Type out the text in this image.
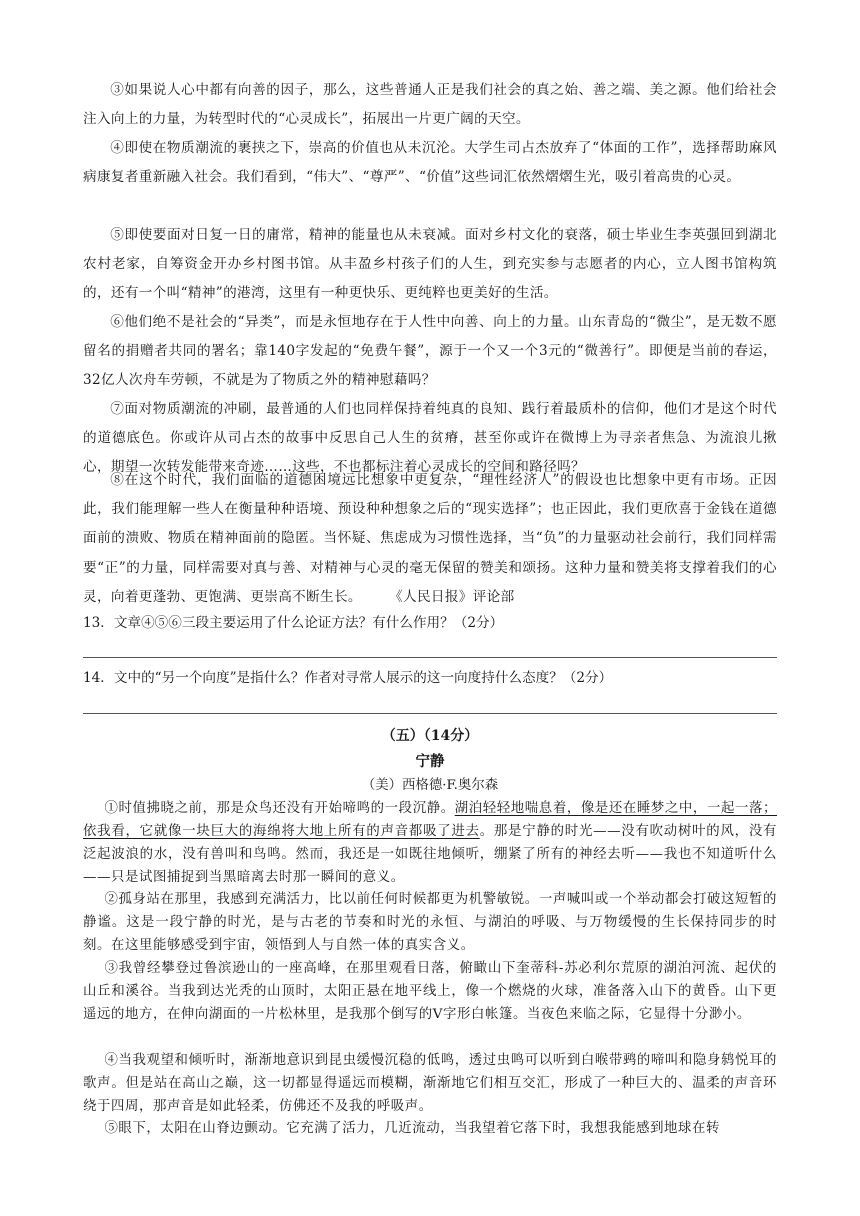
③如果说人心中都有向善的因子，那么，这些普通人正是我们社会的真之始、善之端、美之源。他们给社会注入向上的力量，为转型时代的“心灵成长”，拓展出一片更广阔的天空。

④即使在物质潮流的裹挟之下，崇高的价值也从未沉沦。大学生司占杰放弃了“体面的工作”，选择帮助麻风病康复者重新融入社会。我们看到，“伟大”、“尊严”、“价值”这些词汇依然熠熠生光，吸引着高贵的心灵。

⑤即使要面对日复一日的庸常，精神的能量也从未衰减。面对乡村文化的衰落，硕士毕业生李英强回到湖北农村老家，自筹资金开办乡村图书馆。从丰盈乡村孩子们的人生，到充实参与志愿者的内心，立人图书馆构筑的，还有一个叫“精神”的港湾，这里有一种更快乐、更纯粹也更美好的生活。

⑥他们绝不是社会的“异类”，而是永恒地存在于人性中向善、向上的力量。山东青岛的“微尘”，是无数不愿留名的捐赠者共同的署名；靠140字发起的“免费午餐”，源于一个又一个3元的“微善行”。即便是当前的春运，32亿人次舟车劳顿，不就是为了物质之外的精神慰藉吗？

⑦面对物质潮流的冲刷，最普通的人们也同样保持着纯真的良知、践行着最质朴的信仰，他们才是这个时代的道德底色。你或许从司占杰的故事中反思自己人生的贫瘠，甚至你或许在微博上为寻亲者焦急、为流浪儿揪心，期望一次转发能带来奇迹……这些，不也都标注着心灵成长的空间和路径吗？

⑧在这个时代，我们面临的道德困境远比想象中更复杂，“理性经济人”的假设也比想象中更有市场。正因此，我们能理解一些人在衡量种种语境、预设种种想象之后的“现实选择”；也正因此，我们更欣喜于金钱在道德面前的溃败、物质在精神面前的隐匿。当怀疑、焦虑成为习惯性选择，当“负”的力量驱动社会前行，我们同样需要“正”的力量，同样需要对真与善、对精神与心灵的毫无保留的赞美和颂扬。这种力量和赞美将支撑着我们的心灵，向着更蓬勃、更饱满、更崇高不断生长。	《人民日报》评论部

13．文章④⑤⑥三段主要运用了什么论证方法？有什么作用？（2分）

14．文中的“另一个向度”是指什么？作者对寻常人展示的这一向度持什么态度？（2分）

（五）（14分）

宁静

（美）西格德·F.奥尔森

①时值拂晓之前，那是众鸟还没有开始啼鸣的一段沉静。湖泊轻轻地喘息着，像是还在睡梦之中，一起一落；依我看，它就像一块巨大的海绵将大地上所有的声音都吸了进去。那是宁静的时光——没有吹动树叶的风，没有泛起波浪的水，没有兽叫和鸟鸣。然而，我还是一如既往地倾听，绷紧了所有的神经去听——我也不知道听什么——只是试图捕捉到当黑暗离去时那一瞬间的意义。

②孤身站在那里，我感到充满活力，比以前任何时候都更为机警敏锐。一声喊叫或一个举动都会打破这短暂的静谧。这是一段宁静的时光，是与古老的节奏和时光的永恒、与湖泊的呼吸、与万物缓慢的生长保持同步的时刻。在这里能够感受到宇宙，领悟到人与自然一体的真实含义。

③我曾经攀登过鲁滨逊山的一座高峰，在那里观看日落，俯瞰山下奎蒂科-苏必利尔荒原的湖泊河流、起伏的山丘和溪谷。当我到达光秃的山顶时，太阳正悬在地平线上，像一个燃烧的火球，准备落入山下的黄昏。山下更遥远的地方，在伸向湖面的一片松林里，是我那个倒写的V字形白帐篷。当夜色来临之际，它显得十分渺小。

④当我观望和倾听时，渐渐地意识到昆虫缓慢沉稳的低鸣，透过虫鸣可以听到白喉带鹀的啼叫和隐身鸫悦耳的歌声。但是站在高山之巅，这一切都显得遥远而模糊，渐渐地它们相互交汇，形成了一种巨大的、温柔的声音环绕于四周，那声音是如此轻柔，仿佛还不及我的呼吸声。

⑤眼下，太阳在山脊边颤动。它充满了活力，几近流动，当我望着它落下时，我想我能感到地球在转
